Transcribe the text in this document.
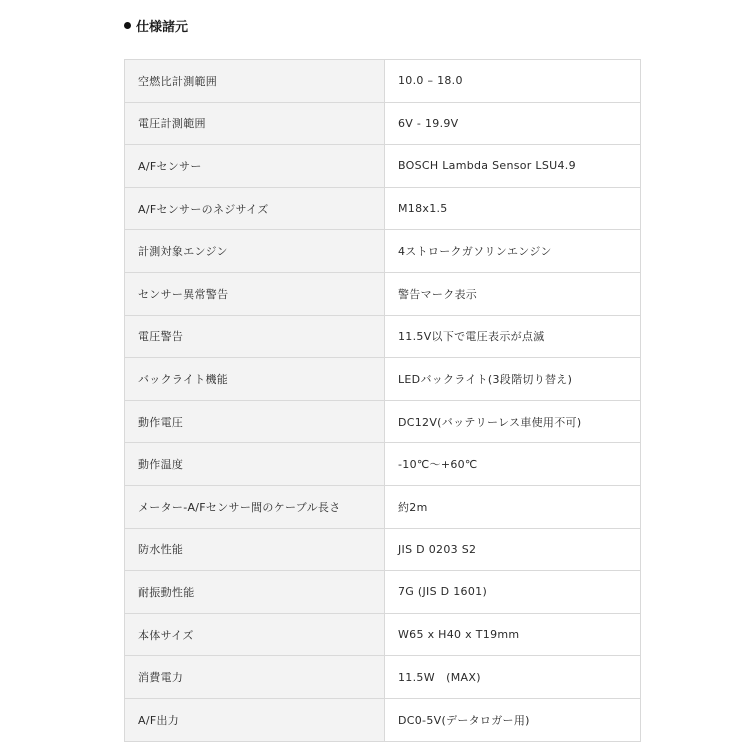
仕様諸元
空燃比計測範囲	10.0 – 18.0
電圧計測範囲	6V - 19.9V
A/Fセンサー	BOSCH Lambda Sensor LSU4.9
A/Fセンサーのネジサイズ	M18x1.5
計測対象エンジン	4ストロークガソリンエンジン
センサー異常警告	警告マーク表示
電圧警告	11.5V以下で電圧表示が点滅
バックライト機能	LEDバックライト(3段階切り替え)
動作電圧	DC12V(バッテリーレス車使用不可)
動作温度	-10℃～+60℃
メーター-A/Fセンサー間のケーブル長さ	約2m
防水性能	JIS D 0203 S2
耐振動性能	7G (JIS D 1601)
本体サイズ	W65 x H40 x T19mm
消費電力	11.5W　(MAX)
A/F出力	DC0-5V(データロガー用)
